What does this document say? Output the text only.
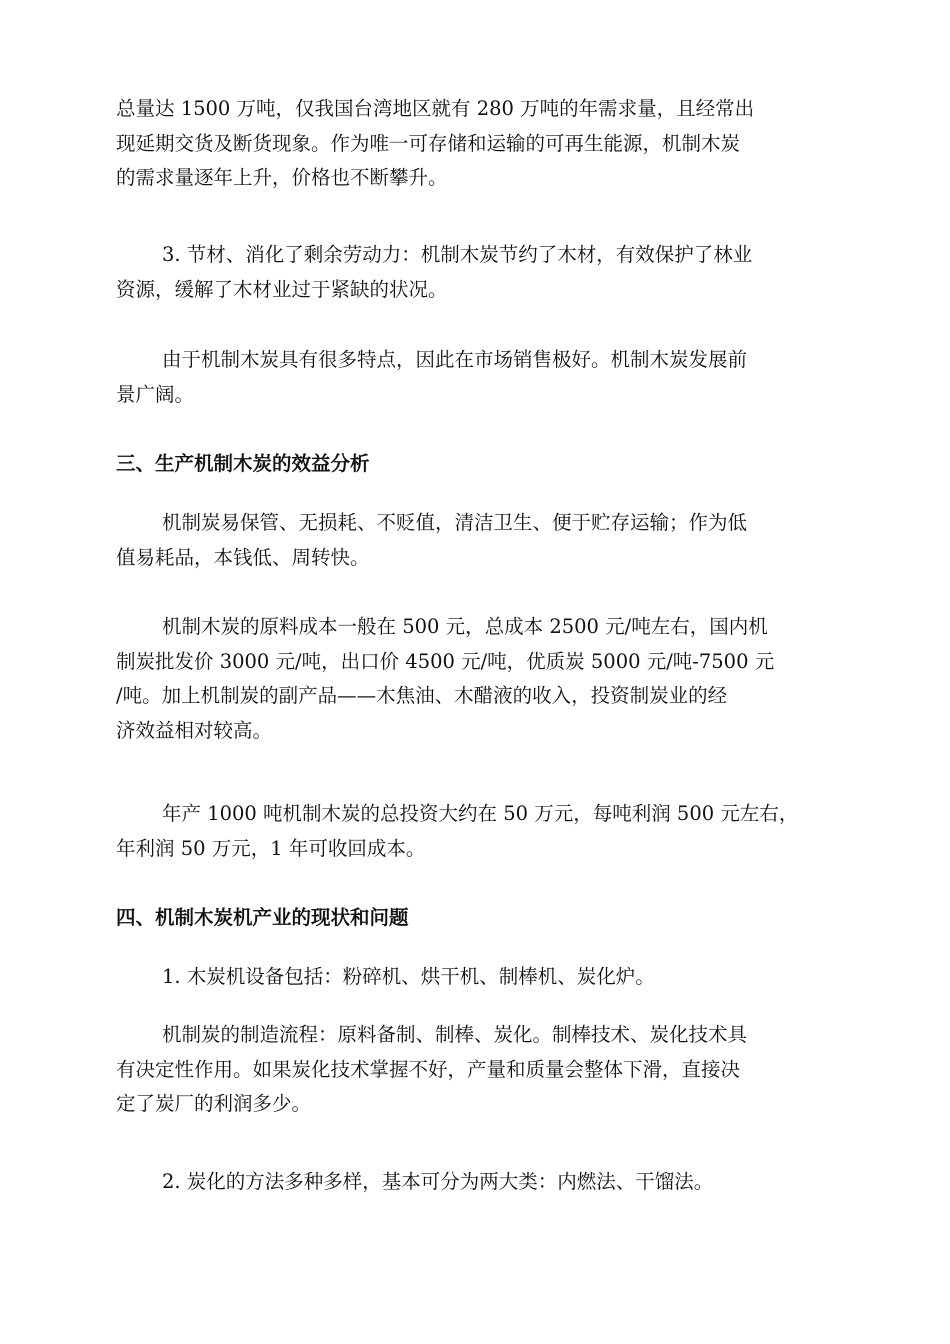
总量达 1500 万吨，仅我国台湾地区就有 280 万吨的年需求量，且经常出
现延期交货及断货现象。作为唯一可存储和运输的可再生能源，机制木炭
的需求量逐年上升，价格也不断攀升。

3. 节材、消化了剩余劳动力：机制木炭节约了木材，有效保护了林业
资源，缓解了木材业过于紧缺的状况。

由于机制木炭具有很多特点，因此在市场销售极好。机制木炭发展前
景广阔。

三、生产机制木炭的效益分析

机制炭易保管、无损耗、不贬值，清洁卫生、便于贮存运输；作为低
值易耗品，本钱低、周转快。

机制木炭的原料成本一般在 500 元，总成本 2500 元/吨左右，国内机
制炭批发价 3000 元/吨，出口价 4500 元/吨，优质炭 5000 元/吨-7500 元
/吨。加上机制炭的副产品——木焦油、木醋液的收入，投资制炭业的经
济效益相对较高。

年产 1000 吨机制木炭的总投资大约在 50 万元，每吨利润 500 元左右，
年利润 50 万元，1 年可收回成本。

四、机制木炭机产业的现状和问题

1. 木炭机设备包括：粉碎机、烘干机、制棒机、炭化炉。

机制炭的制造流程：原料备制、制棒、炭化。制棒技术、炭化技术具
有决定性作用。如果炭化技术掌握不好，产量和质量会整体下滑，直接决
定了炭厂的利润多少。

2. 炭化的方法多种多样，基本可分为两大类：内燃法、干馏法。
